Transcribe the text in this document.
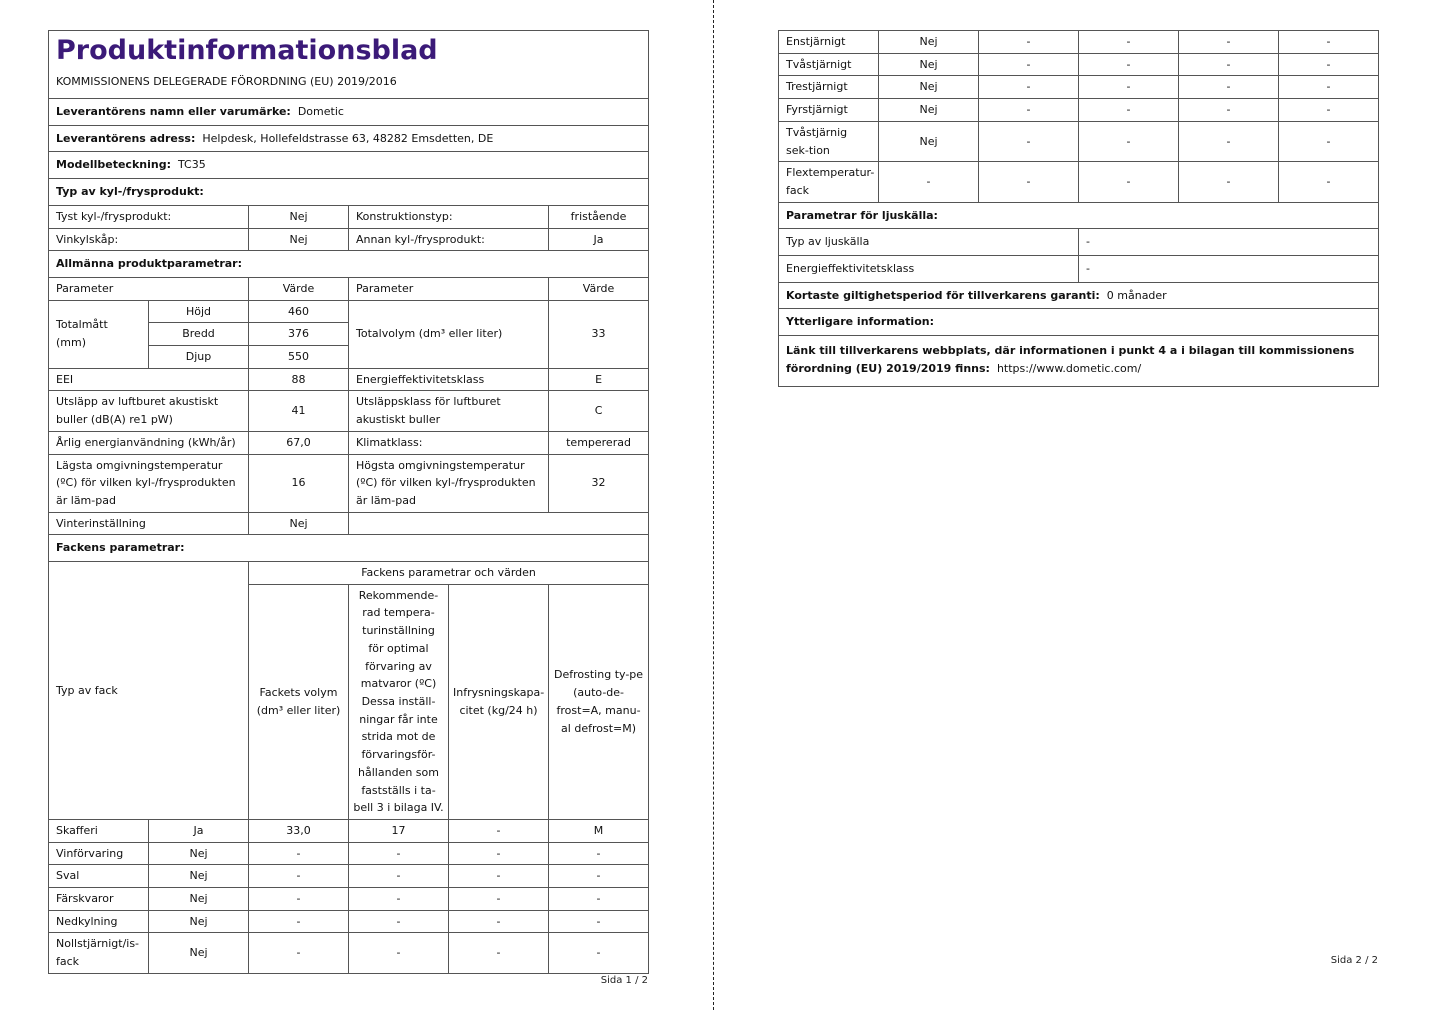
Produktinformationsblad
KOMMISSIONENS DELEGERADE FÖRORDNING (EU) 2019/2016					

Leverantörens namn eller varumärke: Dometic					
Leverantörens adress: Helpdesk, Hollefeldstrasse 63, 48282 Emsdetten, DE					
Modellbeteckning: TC35					
Typ av kyl-/frysprodukt:					
Tyst kyl-/frysprodukt:		Nej	Konstruktionstyp:		fristående
Vinkylskåp:		Nej	Annan kyl-/frysprodukt:		Ja
Allmänna produktparametrar:					
Parameter		Värde	Parameter		Värde
Totalmått (mm)	Höjd	460	Totalvolym (dm³ eller liter)		33
	Bredd	376			
	Djup	550			
EEI		88	Energieffektivitetsklass		E
Utsläpp av luftburet akustiskt buller (dB(A) re1 pW)		41	Utsläppsklass för luftburet akustiskt buller		C
Årlig energianvändning (kWh/år)		67,0	Klimatklass:		tempererad
Lägsta omgivningstemperatur (ºC) för vilken kyl-/frysprodukten är läm-pad		16	Högsta omgivningstemperatur (ºC) för vilken kyl-/frysprodukten är läm-pad		32
Vinterinställning		Nej			
Fackens parametrar:					
Typ av fack		Fackens parametrar och värden			
		Fackets volym (dm³ eller liter)	Rekommende-rad tempera-turinställning för optimal förvaring av matvaror (ºC) Dessa inställ-ningar får inte strida mot de förvaringsför-hållanden som fastställs i ta-bell 3 i bilaga IV.	Infrysningskapa-citet (kg/24 h)	Defrosting ty-pe (auto-de-frost=A, manu-al defrost=M)
Skafferi	Ja	33,0	17	-	M
Vinförvaring	Nej	-	-	-	-
Sval	Nej	-	-	-	-
Färskvaror	Nej	-	-	-	-
Nedkylning	Nej	-	-	-	-
Nollstjärnigt/is-fack	Nej	-	-	-	-
Sida 1 / 2
Enstjärnigt	Nej	-	-	-	-
Tvåstjärnigt	Nej	-	-	-	-
Trestjärnigt	Nej	-	-	-	-
Fyrstjärnigt	Nej	-	-	-	-
Tvåstjärnig sek-tion	Nej	-	-	-	-
Flextemperatur-fack	-	-	-	-	-
Parametrar för ljuskälla:					
Typ av ljuskälla			-		
Energieffektivitetsklass			-		
Kortaste giltighetsperiod för tillverkarens garanti: 0 månader					
Ytterligare information:					
Länk till tillverkarens webbplats, där informationen i punkt 4 a i bilagan till kommissionens förordning (EU) 2019/2019 finns: https://www.dometic.com/					
Sida 2 / 2
